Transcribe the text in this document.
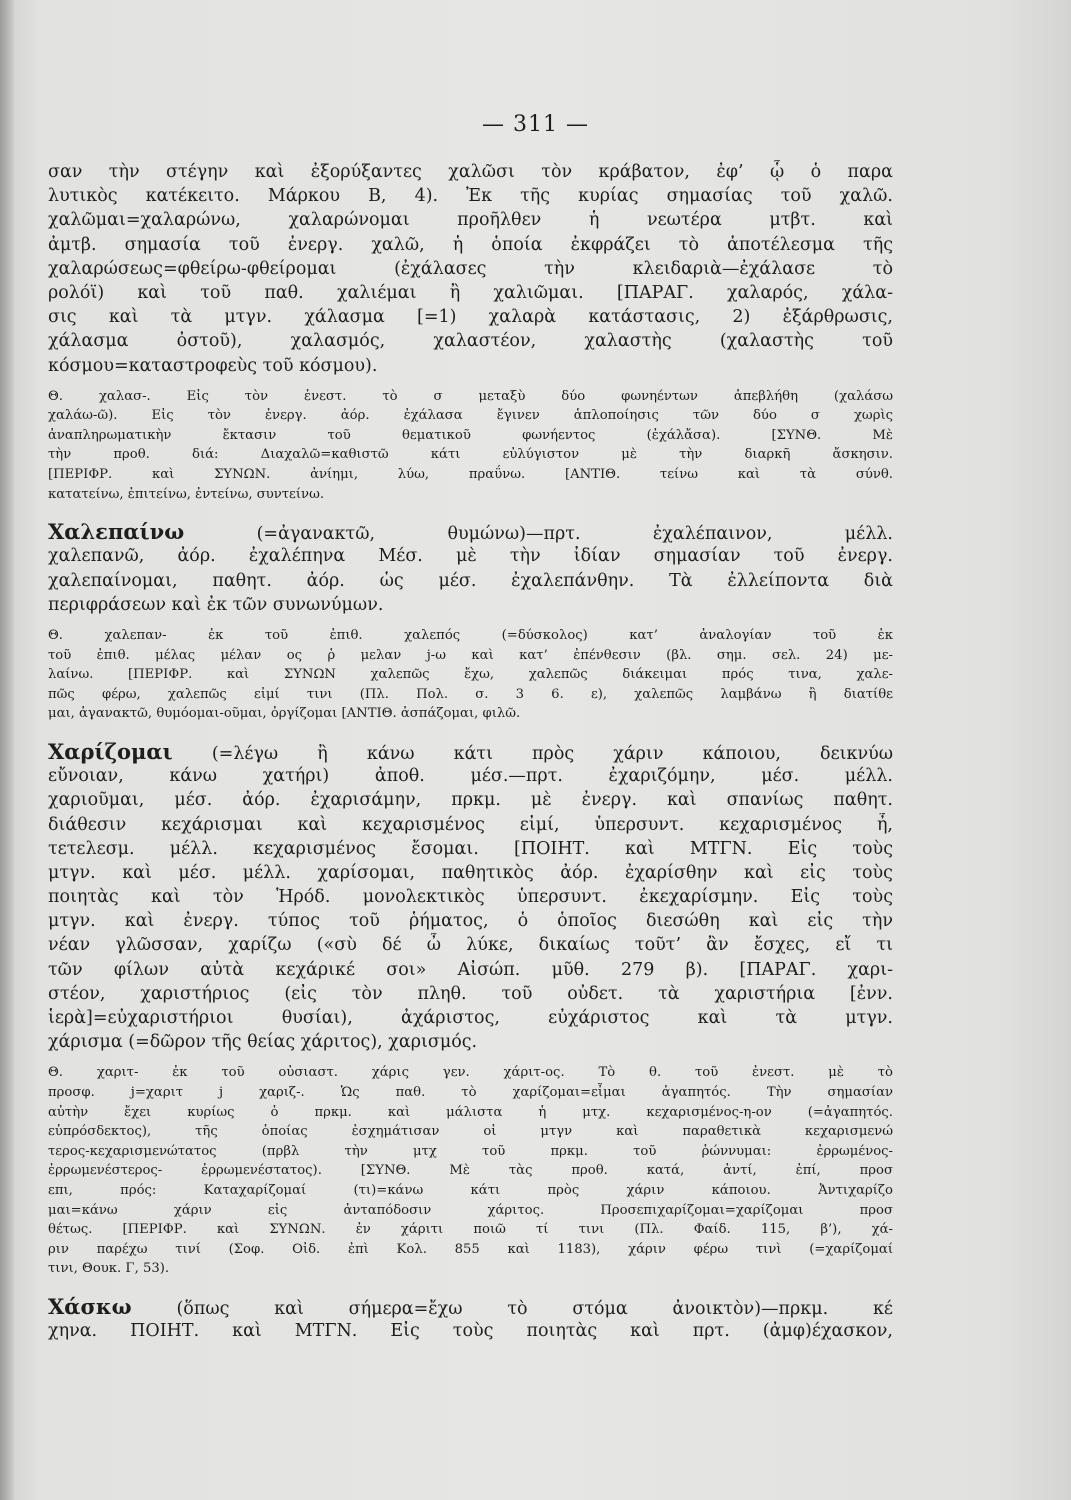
— 311 —
σαν τὴν στέγην καὶ ἐξορύξαντες χαλῶσι τὸν κράβατον, ἐφ’ ᾧ ὁ παρα
λυτικὸς κατέκειτο. Μάρκου Β, 4). Ἐκ τῆς κυρίας σημασίας τοῦ χαλῶ.
χαλῶμαι=χαλαρώνω, χαλαρώνομαι προῆλθεν ἡ νεωτέρα μτβτ. καὶ
ἀμτβ. σημασία τοῦ ἐνεργ. χαλῶ, ἡ ὁποία ἐκφράζει τὸ ἀποτέλεσμα τῆς
χαλαρώσεως=φθείρω-φθείρομαι (ἐχάλασες τὴν κλειδαριὰ—ἐχάλασε τὸ
ρολόϊ) καὶ τοῦ παθ. χαλιέμαι ἢ χαλιῶμαι. [ΠΑΡΑΓ. χαλαρός, χάλα-
σις καὶ τὰ μτγν. χάλασμα [=1) χαλαρὰ κατάστασις, 2) ἐξάρθρωσις,
χάλασμα ὀστοῦ), χαλασμός, χαλαστέον, χαλαστὴς (χαλαστὴς τοῦ
κόσμου=καταστροφεὺς τοῦ κόσμου).
Θ. χαλασ-. Εἰς τὸν ἐνεστ. τὸ σ μεταξὺ δύο φωνηέντων ἀπεβλήθη (χαλάσω
χαλάω-ῶ). Εἰς τὸν ἐνεργ. ἀόρ. ἐχάλασα ἔγινεν ἁπλοποίησις τῶν δύο σ χωρὶς
ἀναπληρωματικὴν ἔκτασιν τοῦ θεματικοῦ φωνήεντος (ἐχάλἄσα). [ΣΥΝΘ. Μὲ
τὴν προθ. διά: Διαχαλῶ=καθιστῶ κάτι εὐλύγιστον μὲ τὴν διαρκῆ ἄσκησιν.
[ΠΕΡΙΦΡ. καὶ ΣΥΝΩΝ. ἀνίημι, λύω, πραΰνω. [ΑΝΤΙΘ. τείνω καὶ τὰ σύνθ.
κατατείνω, ἐπιτείνω, ἐντείνω, συντείνω.
Χαλεπαίνω	(=ἀγανακτῶ, θυμώνω)—πρτ. ἐχαλέπαινον, μέλλ.
χαλεπανῶ, ἀόρ. ἐχαλέπηνα Μέσ. μὲ τὴν ἰδίαν σημασίαν τοῦ ἐνεργ.
χαλεπαίνομαι, παθητ. ἀόρ. ὡς μέσ. ἐχαλεπάνθην. Τὰ ἐλλείποντα διὰ
περιφράσεων καὶ ἐκ τῶν συνωνύμων.
Θ. χαλεπαν- ἐκ τοῦ ἐπιθ. χαλεπός (=δύσκολος) κατ’ ἀναλογίαν τοῦ ἐκ
τοῦ ἐπιθ. μέλας μέλαν ος ῥ μελαν j-ω καὶ κατ’ ἐπένθεσιν (βλ. σημ. σελ. 24) με-
λαίνω. [ΠΕΡΙΦΡ. καὶ ΣΥΝΩΝ χαλεπῶς ἔχω, χαλεπῶς διάκειμαι πρός τινα, χαλε-
πῶς φέρω, χαλεπῶς εἰμί τινι (Πλ. Πολ. σ. 3 6. ε), χαλεπῶς λαμβάνω ἢ διατίθε
μαι, ἀγανακτῶ, θυμόομαι-οῦμαι, ὀργίζομαι [ΑΝΤΙΘ. ἀσπάζομαι, φιλῶ.
Χαρίζομαι (=λέγω ἢ κάνω κάτι πρὸς χάριν κάποιου, δεικνύω
εὔνοιαν, κάνω χατήρι) ἀποθ. μέσ.—πρτ. ἐχαριζόμην, μέσ. μέλλ.
χαριοῦμαι, μέσ. ἀόρ. ἐχαρισάμην, πρκμ. μὲ ἐνεργ. καὶ σπανίως παθητ.
διάθεσιν κεχάρισμαι καὶ κεχαρισμένος εἰμί, ὑπερσυντ. κεχαρισμένος ἦ,
τετελεσμ. μέλλ. κεχαρισμένος ἔσομαι. [ΠΟΙΗΤ. καὶ ΜΤΓΝ. Εἰς τοὺς
μτγν. καὶ μέσ. μέλλ. χαρίσομαι, παθητικὸς ἀόρ. ἐχαρίσθην καὶ εἰς τοὺς
ποιητὰς καὶ τὸν Ἡρόδ. μονολεκτικὸς ὑπερσυντ. ἐκεχαρίσμην. Εἰς τοὺς
μτγν. καὶ ἐνεργ. τύπος τοῦ ῥήματος, ὁ ὁποῖος διεσώθη καὶ εἰς τὴν
νέαν γλῶσσαν, χαρίζω («σὺ δέ ὦ λύκε, δικαίως τοῦτ’ ἂν ἔσχες, εἴ τι
τῶν φίλων αὐτὰ κεχάρικέ σοι» Αἰσώπ. μῦθ. 279 β). [ΠΑΡΑΓ. χαρι-
στέον, χαριστήριος (εἰς τὸν πληθ. τοῦ οὐδετ. τὰ χαριστήρια [ἐνν.
ἱερὰ]=εὐχαριστήριοι θυσίαι), ἀχάριστος, εὐχάριστος καὶ τὰ μτγν.
χάρισμα (=δῶρον τῆς θείας χάριτος), χαρισμός.
Θ. χαριτ- ἐκ τοῦ οὐσιαστ. χάρις γεν. χάριτ-ος. Τὸ θ. τοῦ ἐνεστ. μὲ τὸ
προσφ. j=χαριτ j χαριζ-. Ὡς παθ. τὸ χαρίζομαι=εἶμαι ἀγαπητός. Τὴν σημασίαν
αὐτὴν ἔχει κυρίως ὁ πρκμ. καὶ μάλιστα ἡ μτχ. κεχαρισμένος-η-ον (=ἀγαπητός.
εὐπρόσδεκτος), τῆς ὁποίας ἐσχημάτισαν οἱ μτγν καὶ παραθετικὰ κεχαρισμενώ
τερος-κεχαρισμενώτατος (πρβλ τὴν μτχ τοῦ πρκμ. τοῦ ῥώννυμαι: ἐρρωμένος-
ἐρρωμενέστερος- ἐρρωμενέστατος). [ΣΥΝΘ. Μὲ τὰς προθ. κατά, ἀντί, ἐπί, προσ
επι, πρός: Καταχαρίζομαί (τι)=κάνω κάτι πρὸς χάριν κάποιου. Ἀντιχαρίζο
μαι=κάνω χάριν εἰς ἀνταπόδοσιν χάριτος. Προσεπιχαρίζομαι=χαρίζομαι προσ
θέτως. [ΠΕΡΙΦΡ. καὶ ΣΥΝΩΝ. ἐν χάριτι ποιῶ τί τινι (Πλ. Φαίδ. 115, β’), χά-
ριν παρέχω τινί (Σοφ. Οἰδ. ἐπὶ Κολ. 855 καὶ 1183), χάριν φέρω τινὶ (=χαρίζομαί
τινι, Θουκ. Γ, 53).
Χάσκω	(ὅπως καὶ σήμερα=ἔχω τὸ στόμα ἀνοικτὸν)—πρκμ. κέ
χηνα. ΠΟΙΗΤ. καὶ ΜΤΓΝ. Εἰς τοὺς ποιητὰς καὶ πρτ. (ἀμφ)έχασκον,
